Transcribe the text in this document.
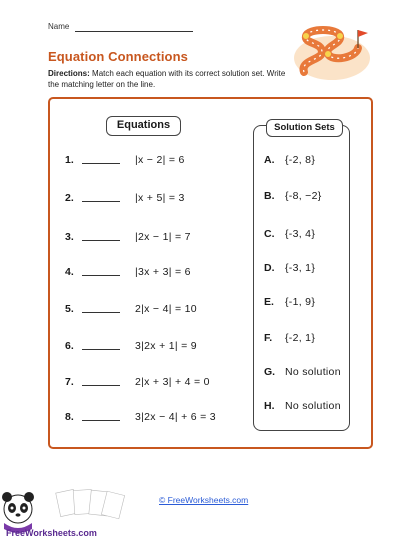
Name
Equation Connections
Directions: Match each equation with its correct solution set. Write the matching letter on the line.
Equations
1.	|x − 2| = 6
2.	|x + 5| = 3
3.	|2x − 1| = 7
4.	|3x + 3| = 6
5.	2|x − 4| = 10
6.	3|2x + 1| = 9
7.	2|x + 3| + 4 = 0
8.	3|2x − 4| + 6 = 3
Solution Sets
A.	{-2, 8}
B.	{-8, −2}
C.	{-3, 4}
D.	{-3, 1}
E.	{-1, 9}
F.	{-2, 1}
G. No solution
H.	No solution
FreeWorksheets.com
© FreeWorksheets.com
